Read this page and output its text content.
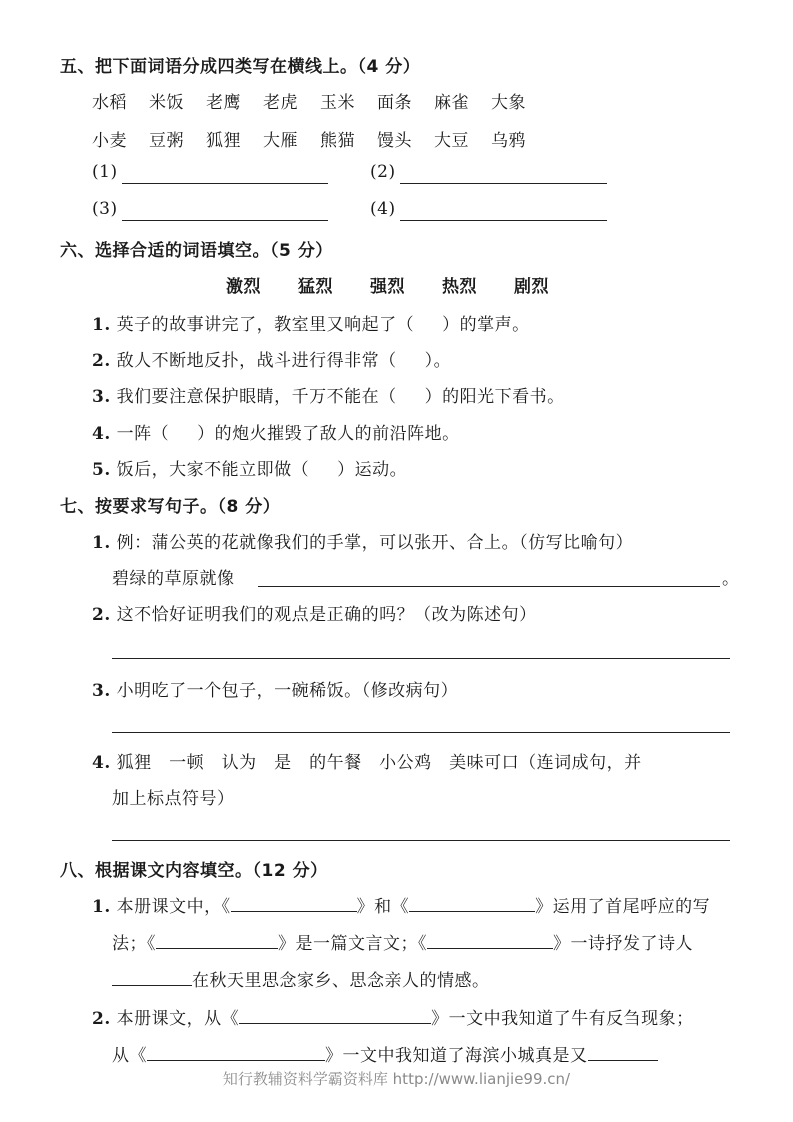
五、把下面词语分成四类写在横线上。（4 分）
水稻 米饭 老鹰 老虎 玉米 面条 麻雀 大象
小麦 豆粥 狐狸 大雁 熊猫 馒头 大豆 乌鸦
(1)	(2)
(3)	(4)
六、选择合适的词语填空。（5 分）
激烈 猛烈 强烈 热烈 剧烈
1. 英子的故事讲完了，教室里又响起了（ ）的掌声。
2. 敌人不断地反扑，战斗进行得非常（ ）。
3. 我们要注意保护眼睛，千万不能在（ ）的阳光下看书。
4. 一阵（ ）的炮火摧毁了敌人的前沿阵地。
5. 饭后，大家不能立即做（ ）运动。
七、按要求写句子。（8 分）
1. 例：蒲公英的花就像我们的手掌，可以张开、合上。（仿写比喻句）
碧绿的草原就像	。
2. 这不恰好证明我们的观点是正确的吗？（改为陈述句）
3. 小明吃了一个包子，一碗稀饭。（修改病句）
4. 狐狸　一顿　认为　是　的午餐　小公鸡　美味可口（连词成句，并
加上标点符号）
八、根据课文内容填空。（12 分）
1. 本册课文中，《	》和《	》运用了首尾呼应的写
法；《	》是一篇文言文；《	》一诗抒发了诗人
在秋天里思念家乡、思念亲人的情感。
2. 本册课文，从《	》一文中我知道了牛有反刍现象；
从《	》一文中我知道了海滨小城真是又
知行教辅资料学霸资料库 http://www.lianjie99.cn/
